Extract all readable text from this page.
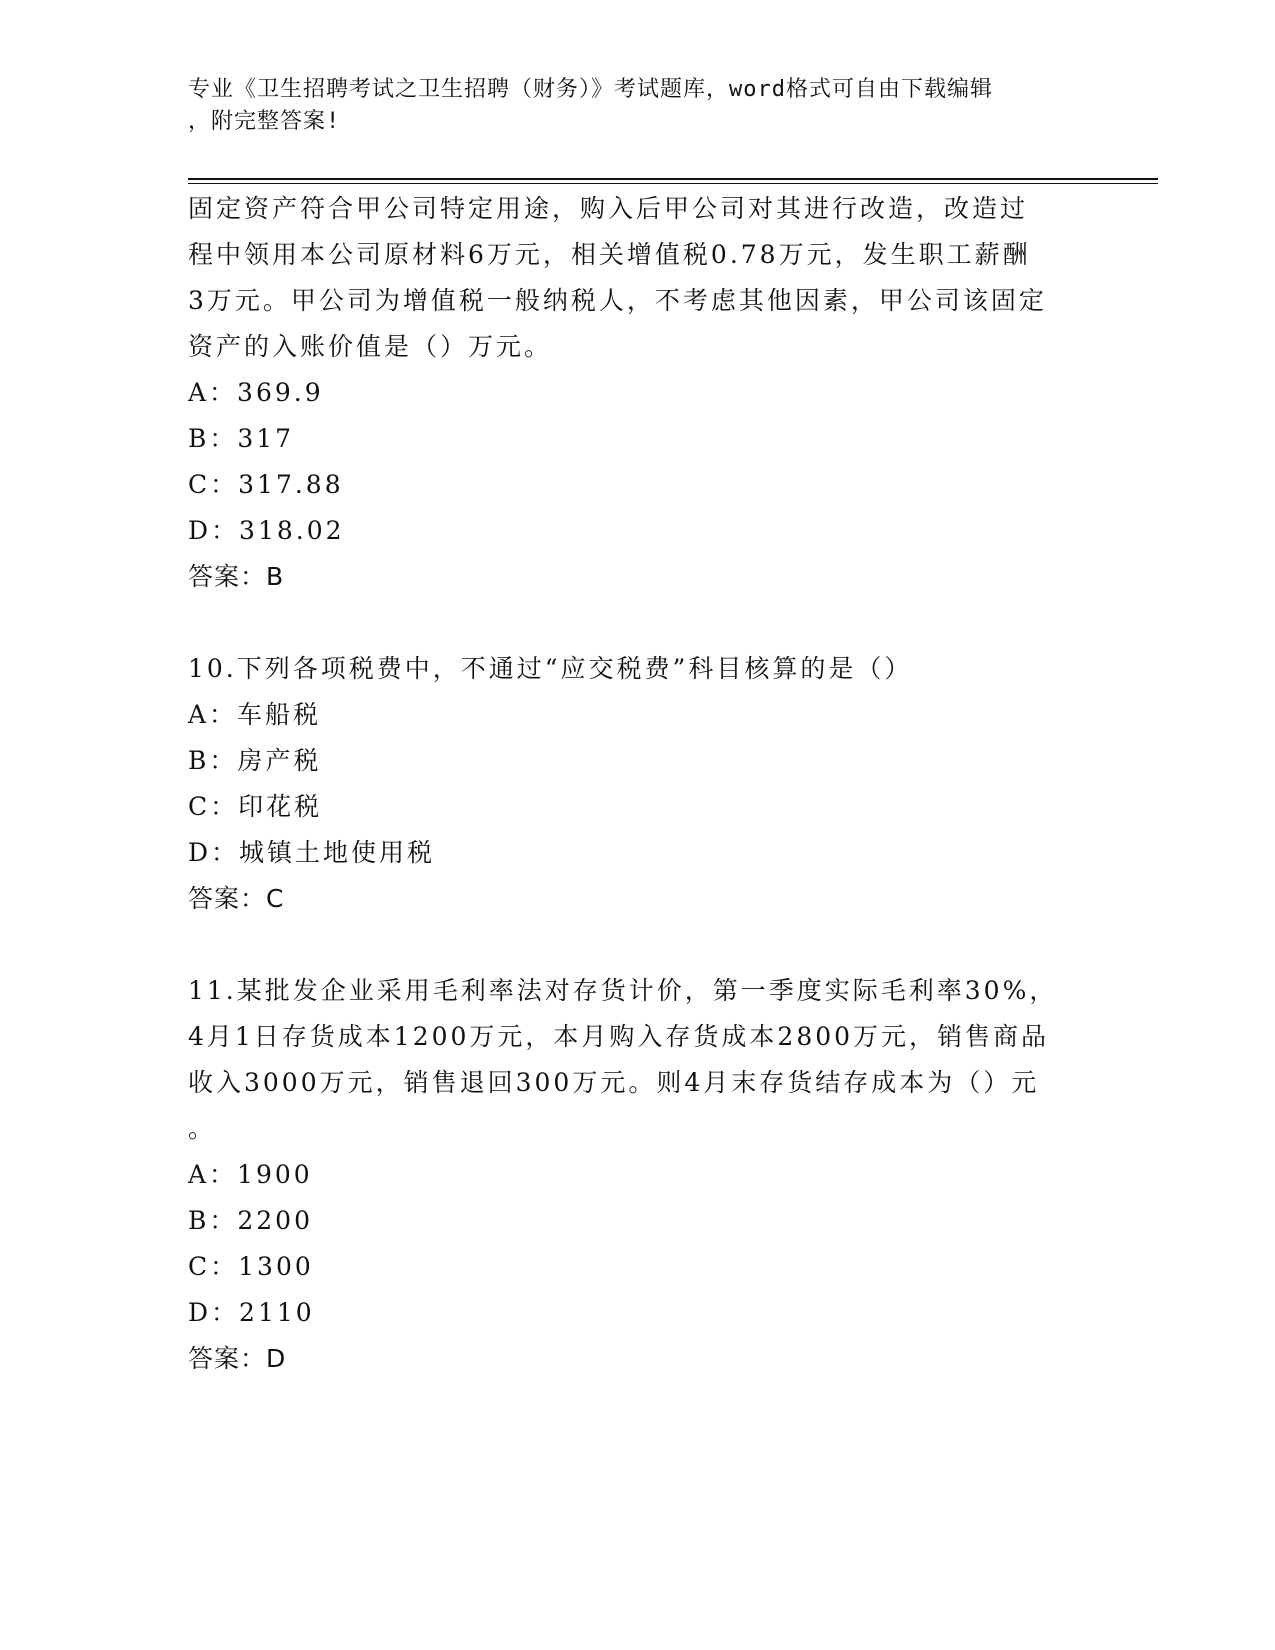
专业《卫生招聘考试之卫生招聘（财务）》考试题库，word格式可自由下载编辑
，附完整答案!
固定资产符合甲公司特定用途，购入后甲公司对其进行改造，改造过
程中领用本公司原材料6万元，相关增值税0.78万元，发生职工薪酬
3万元。甲公司为增值税一般纳税人，不考虑其他因素，甲公司该固定
资产的入账价值是（）万元。
A：369.9
B：317
C：317.88
D：318.02
答案：B
10.下列各项税费中，不通过“应交税费”科目核算的是（）
A：车船税
B：房产税
C：印花税
D：城镇土地使用税
答案：C
11.某批发企业采用毛利率法对存货计价，第一季度实际毛利率30%，
4月1日存货成本1200万元，本月购入存货成本2800万元，销售商品
收入3000万元，销售退回300万元。则4月末存货结存成本为（）元
。
A：1900
B：2200
C：1300
D：2110
答案：D
